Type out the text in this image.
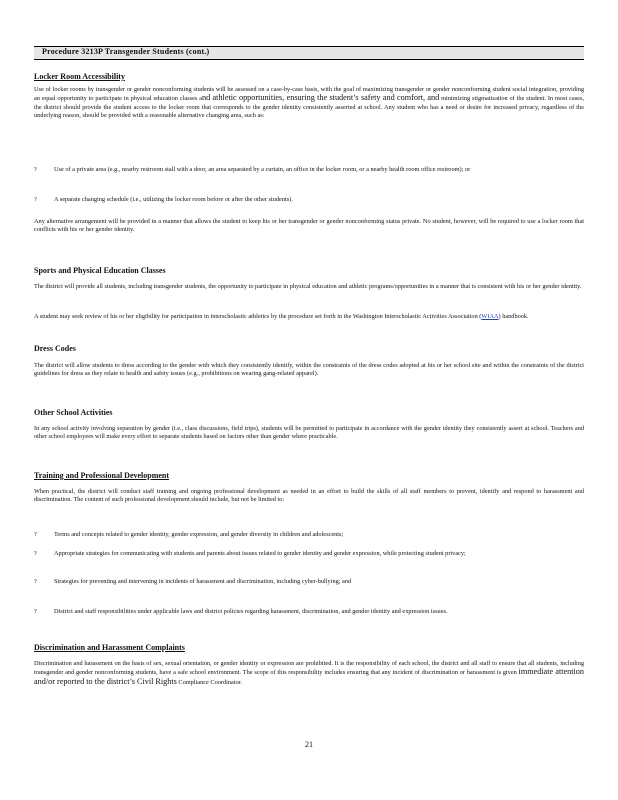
Procedure 3213P Transgender Students (cont.)
Locker Room Accessibility

Use of locker rooms by transgender or gender nonconforming students will be assessed on a case-by-case basis, with the goal of maximizing transgender or gender nonconforming student social integration, providing an equal opportunity to participate in physical education classes and athletic opportunities, ensuring the student’s safety and comfort, and minimizing stigmatization of the student. In most cases, the district should provide the student access to the locker room that corresponds to the gender identity consistently asserted at school. Any student who has a need or desire for increased privacy, regardless of the underlying reason, should be provided with a reasonable alternative changing area, such as:

?	Use of a private area (e.g., nearby restroom stall with a door, an area separated by a curtain, an office in the locker room, or a nearby health room office restroom); or
?	A separate changing schedule (i.e., utilizing the locker room before or after the other students).

Any alternative arrangement will be provided in a manner that allows the student to keep his or her transgender or gender nonconforming status private. No student, however, will be required to use a locker room that conflicts with his or her gender identity.

Sports and Physical Education Classes

The district will provide all students, including transgender students, the opportunity to participate in physical education and athletic programs/opportunities in a manner that is consistent with his or her gender identity.

A student may seek review of his or her eligibility for participation in interscholastic athletics by the procedure set forth in the Washington Interscholastic Activities Association (WIAA) handbook.

Dress Codes

The district will allow students to dress according to the gender with which they consistently identify, within the constraints of the dress codes adopted at his or her school site and within the constraints of the district guidelines for dress as they relate to health and safety issues (e.g., prohibitions on wearing gang-related apparel).

Other School Activities

In any school activity involving separation by gender (i.e., class discussions, field trips), students will be permitted to participate in accordance with the gender identity they consistently assert at school. Teachers and other school employees will make every effort to separate students based on factors other than gender where practicable.

Training and Professional Development

When practical, the district will conduct staff training and ongoing professional development as needed in an effort to build the skills of all staff members to prevent, identify and respond to harassment and discrimination. The content of such professional development should include, but not be limited to:

?	Terms and concepts related to gender identity, gender expression, and gender diversity in children and adolescents;
?	Appropriate strategies for communicating with students and parents about issues related to gender identity and gender expression, while protecting student privacy;
?	Strategies for preventing and intervening in incidents of harassment and discrimination, including cyber-bullying; and
?	District and staff responsibilities under applicable laws and district policies regarding harassment, discrimination, and gender identity and expression issues.
Discrimination and Harassment Complaints

Discrimination and harassment on the basis of sex, sexual orientation, or gender identity or expression are prohibited. It is the responsibility of each school, the district and all staff to ensure that all students, including transgender and gender nonconforming students, have a safe school environment. The scope of this responsibility includes ensuring that any incident of discrimination or harassment is given immediate attention and/or reported to the district’s Civil Rights Compliance Coordinator.

21
